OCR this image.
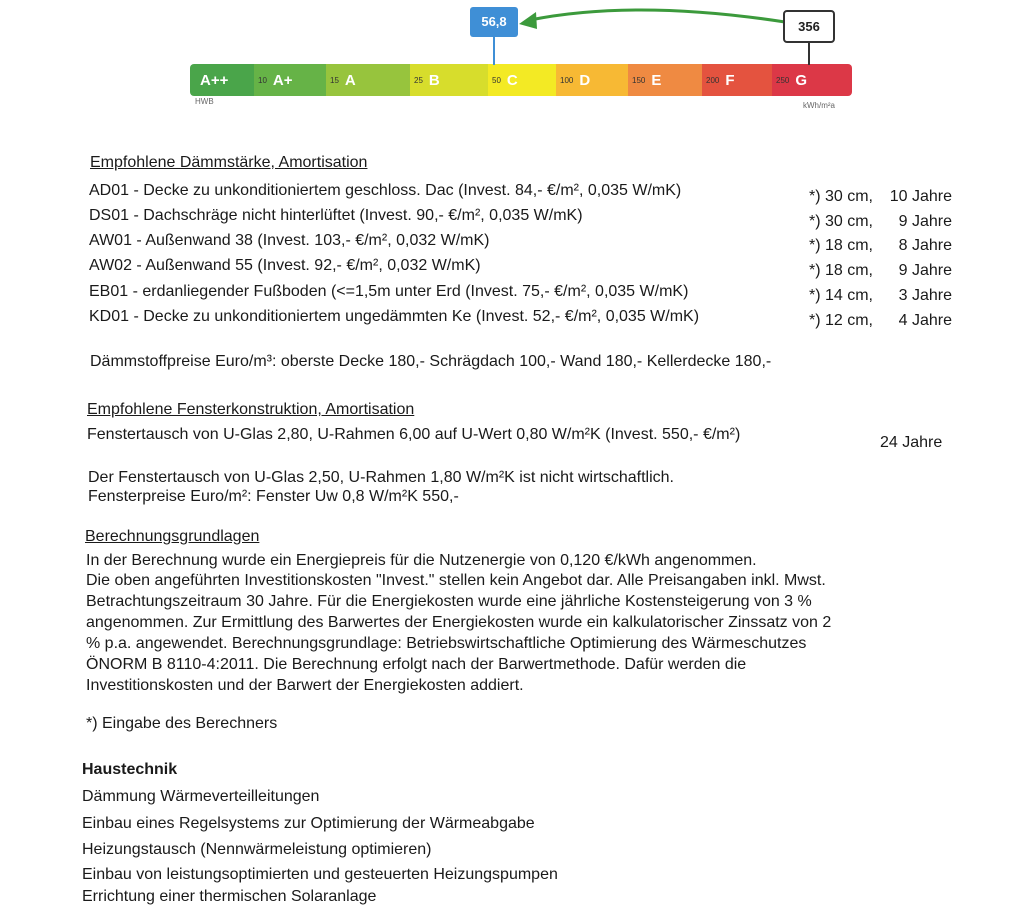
A++	10 A+	15 A	25 B	50 C	100 D	150 E	200 F	250 G
56,8	356
HWB	kWh/m²a
Empfohlene Dämmstärke, Amortisation
AD01 - Decke zu unkonditioniertem geschloss. Dac (Invest. 84,- €/m², 0,035 W/mK)	*) 30 cm,	10 Jahre
DS01 - Dachschräge nicht hinterlüftet (Invest. 90,- €/m², 0,035 W/mK)	*) 30 cm,	9 Jahre
AW01 - Außenwand 38 (Invest. 103,- €/m², 0,032 W/mK)	*) 18 cm,	8 Jahre
AW02 - Außenwand 55 (Invest. 92,- €/m², 0,032 W/mK)	*) 18 cm,	9 Jahre
EB01 - erdanliegender Fußboden (<=1,5m unter Erd (Invest. 75,- €/m², 0,035 W/mK)	*) 14 cm,	3 Jahre
KD01 - Decke zu unkonditioniertem ungedämmten Ke (Invest. 52,- €/m², 0,035 W/mK)	*) 12 cm,	4 Jahre
Dämmstoffpreise Euro/m³: oberste Decke 180,- Schrägdach 100,- Wand 180,- Kellerdecke 180,-
Empfohlene Fensterkonstruktion, Amortisation
Fenstertausch von U-Glas 2,80, U-Rahmen 6,00 auf U-Wert 0,80 W/m²K (Invest. 550,- €/m²)	24 Jahre
Der Fenstertausch von U-Glas 2,50, U-Rahmen 1,80 W/m²K ist nicht wirtschaftlich.
Fensterpreise Euro/m²: Fenster Uw 0,8 W/m²K 550,-
Berechnungsgrundlagen
In der Berechnung wurde ein Energiepreis für die Nutzenergie von 0,120 €/kWh angenommen.
Die oben angeführten Investitionskosten "Invest." stellen kein Angebot dar. Alle Preisangaben inkl. Mwst.
Betrachtungszeitraum 30 Jahre. Für die Energiekosten wurde eine jährliche Kostensteigerung von 3 %
angenommen. Zur Ermittlung des Barwertes der Energiekosten wurde ein kalkulatorischer Zinssatz von 2
% p.a. angewendet. Berechnungsgrundlage: Betriebswirtschaftliche Optimierung des Wärmeschutzes
ÖNORM B 8110-4:2011. Die Berechnung erfolgt nach der Barwertmethode. Dafür werden die
Investitionskosten und der Barwert der Energiekosten addiert.
*) Eingabe des Berechners
Haustechnik
Dämmung Wärmeverteilleitungen
Einbau eines Regelsystems zur Optimierung der Wärmeabgabe
Heizungstausch (Nennwärmeleistung optimieren)
Einbau von leistungsoptimierten und gesteuerten Heizungspumpen
Errichtung einer thermischen Solaranlage
